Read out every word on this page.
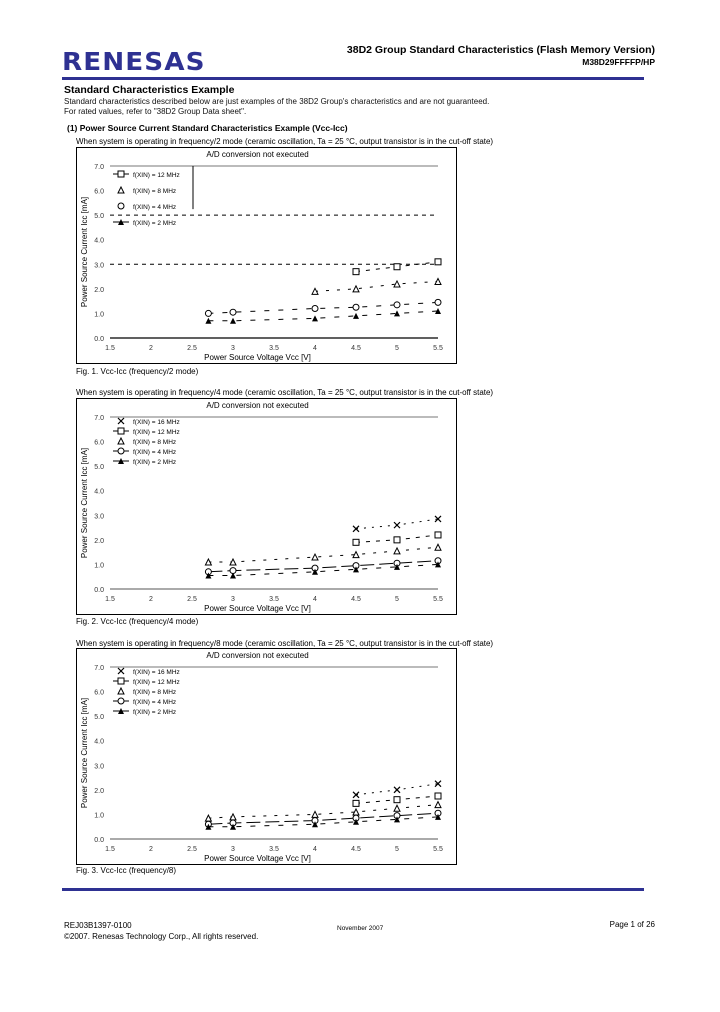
RENESAS	38D2 Group Standard Characteristics (Flash Memory Version)
M38D29FFFFP/HP
Standard Characteristics Example
Standard characteristics described below are just examples of the 38D2 Group's characteristics and are not guaranteed.
For rated values, refer to "38D2 Group Data sheet".
(1) Power Source Current Standard Characteristics Example (Vcc-Icc)
When system is operating in frequency/2 mode (ceramic oscillation, Ta = 25 °C, output transistor is in the cut-off state)
A/D conversion not executed
0.0
1.0
2.0
3.0
4.0
5.0
6.0
7.0
1.5	2	2.5	3	3.5	4	4.5	5	5.5
Power Source Voltage Vcc [V]
Power Source Current Icc [mA]
f(XIN) = 12 MHz
f(XIN) = 8 MHz
f(XIN) = 4 MHz
f(XIN) = 2 MHz
Fig. 1. Vcc-Icc (frequency/2 mode)
When system is operating in frequency/4 mode (ceramic oscillation, Ta = 25 °C, output transistor is in the cut-off state)
A/D conversion not executed
0.0
1.0
2.0
3.0
4.0
5.0
6.0
7.0
1.5	2	2.5	3	3.5	4	4.5	5	5.5
Power Source Voltage Vcc [V]
Power Source Current Icc [mA]
f(XIN) = 16 MHz
f(XIN) = 12 MHz
f(XIN) = 8 MHz
f(XIN) = 4 MHz
f(XIN) = 2 MHz
Fig. 2. Vcc-Icc (frequency/4 mode)
When system is operating in frequency/8 mode (ceramic oscillation, Ta = 25 °C, output transistor is in the cut-off state)
A/D conversion not executed
0.0
1.0
2.0
3.0
4.0
5.0
6.0
7.0
1.5	2	2.5	3	3.5	4	4.5	5	5.5
Power Source Voltage Vcc [V]
Power Source Current Icc [mA]
f(XIN) = 16 MHz
f(XIN) = 12 MHz
f(XIN) = 8 MHz
f(XIN) = 4 MHz
f(XIN) = 2 MHz
Fig. 3. Vcc-Icc (frequency/8)
REJ03B1397-0100
©2007. Renesas Technology Corp., All rights reserved.
November 2007	Page 1 of 26
